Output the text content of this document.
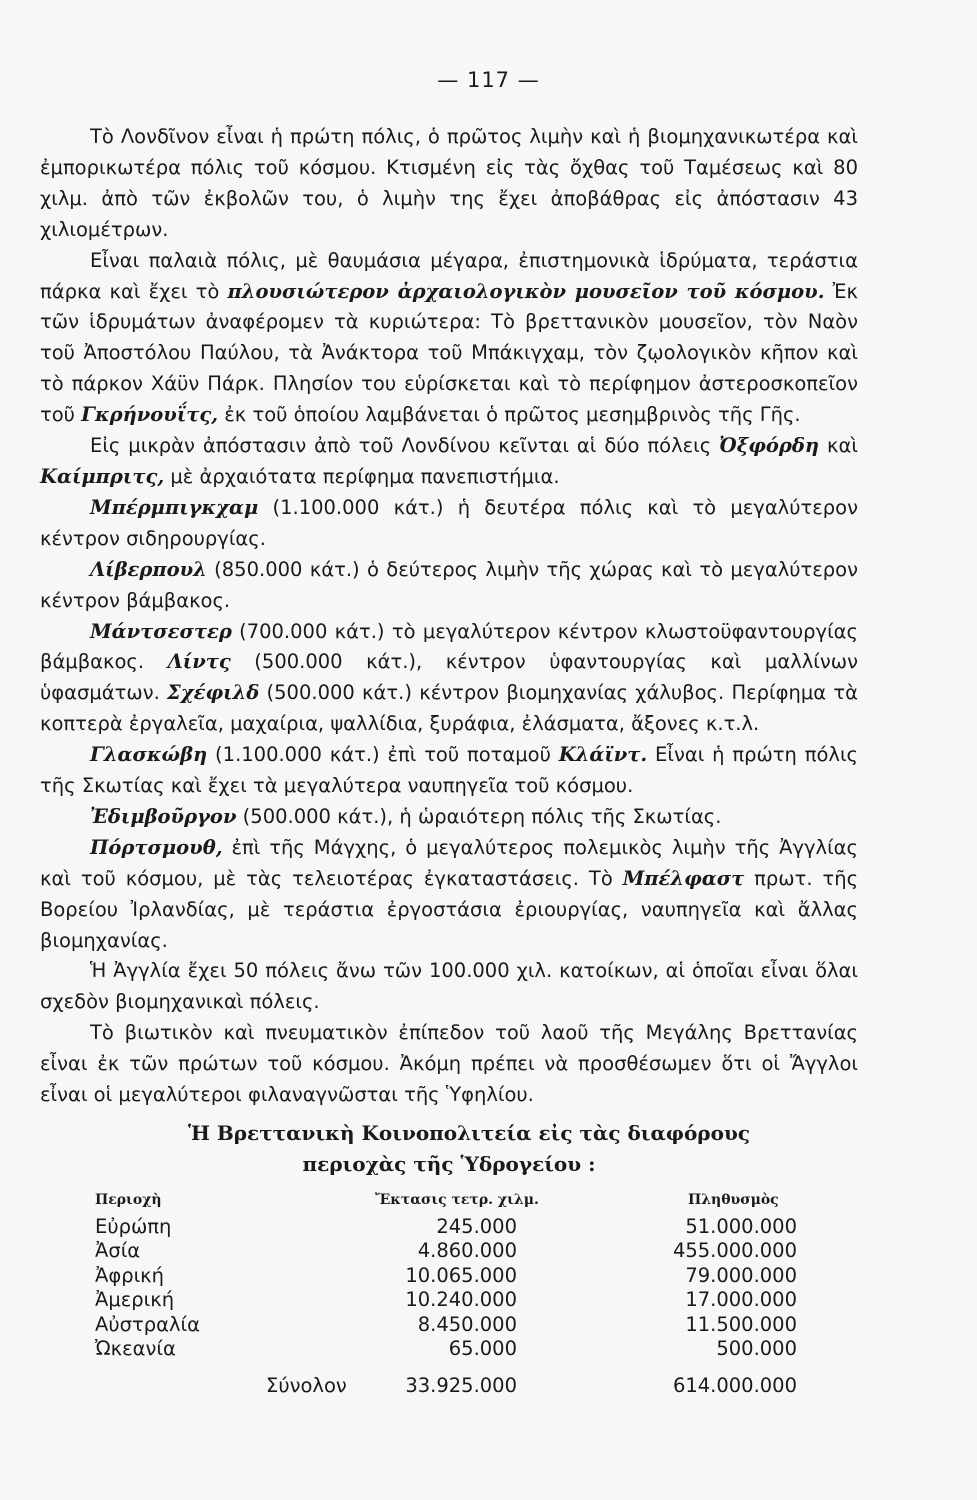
— 117 —

Τὸ Λονδῖνον εἶναι ἡ πρώτη πόλις, ὁ πρῶτος λιμὴν καὶ ἡ βιομηχανικωτέρα καὶ ἐμπορικωτέρα πόλις τοῦ κόσμου. Κτισμένη εἰς τὰς ὄχθας τοῦ Ταμέσεως καὶ 80 χιλμ. ἀπὸ τῶν ἐκβολῶν του, ὁ λιμὴν της ἔχει ἀποβάθρας εἰς ἀπόστασιν 43 χιλιομέτρων.

Εἶναι παλαιὰ πόλις, μὲ θαυμάσια μέγαρα, ἐπιστημονικὰ ἱδρύματα, τεράστια πάρκα καὶ ἔχει τὸ πλουσιώτερον ἀρχαιολογικὸν μουσεῖον τοῦ κόσμου. Ἐκ τῶν ἱδρυμάτων ἀναφέρομεν τὰ κυριώτερα: Τὸ βρεττανικὸν μουσεῖον, τὸν Ναὸν τοῦ Ἀποστόλου Παύλου, τὰ Ἀνάκτορα τοῦ Μπάκιγχαμ, τὸν ζῳολογικὸν κῆπον καὶ τὸ πάρκον Χάϋν Πάρκ. Πλησίον του εὑρίσκεται καὶ τὸ περίφημον ἀστεροσκοπεῖον τοῦ Γκρήνουΐτς, ἐκ τοῦ ὁποίου λαμβάνεται ὁ πρῶτος μεσημβρινὸς τῆς Γῆς.

Εἰς μικρὰν ἀπόστασιν ἀπὸ τοῦ Λονδίνου κεῖνται αἱ δύο πόλεις Ὀξφόρδη καὶ Καίμπριτς, μὲ ἀρχαιότατα περίφημα πανεπιστήμια.

Μπέρμπιγκχαμ (1.100.000 κάτ.) ἡ δευτέρα πόλις καὶ τὸ μεγαλύτερον κέντρον σιδηρουργίας.

Λίβερπουλ (850.000 κάτ.) ὁ δεύτερος λιμὴν τῆς χώρας καὶ τὸ μεγαλύτερον κέντρον βάμβακος.

Μάντσεστερ (700.000 κάτ.) τὸ μεγαλύτερον κέντρον κλωστοϋφαντουργίας βάμβακος. Λίντς (500.000 κάτ.), κέντρον ὑφαντουργίας καὶ μαλλίνων ὑφασμάτων. Σχέφιλδ (500.000 κάτ.) κέντρον βιομηχανίας χάλυβος. Περίφημα τὰ κοπτερὰ ἐργαλεῖα, μαχαίρια, ψαλλίδια, ξυράφια, ἐλάσματα, ἄξονες κ.τ.λ.

Γλασκώβη (1.100.000 κάτ.) ἐπὶ τοῦ ποταμοῦ Κλάϊντ. Εἶναι ἡ πρώτη πόλις τῆς Σκωτίας καὶ ἔχει τὰ μεγαλύτερα ναυπηγεῖα τοῦ κόσμου.

Ἐδιμβοῦργον (500.000 κάτ.), ἡ ὡραιότερη πόλις τῆς Σκωτίας.

Πόρτσμουθ, ἐπὶ τῆς Μάγχης, ὁ μεγαλύτερος πολεμικὸς λιμὴν τῆς Ἀγγλίας καὶ τοῦ κόσμου, μὲ τὰς τελειοτέρας ἐγκαταστάσεις. Τὸ Μπέλφαστ πρωτ. τῆς Βορείου Ἰρλανδίας, μὲ τεράστια ἐργοστάσια ἐριουργίας, ναυπηγεῖα καὶ ἄλλας βιομηχανίας.

Ἡ Ἀγγλία ἔχει 50 πόλεις ἄνω τῶν 100.000 χιλ. κατοίκων, αἱ ὁποῖαι εἶναι ὅλαι σχεδὸν βιομηχανικαὶ πόλεις.

Τὸ βιωτικὸν καὶ πνευματικὸν ἐπίπεδον τοῦ λαοῦ τῆς Μεγάλης Βρεττανίας εἶναι ἐκ τῶν πρώτων τοῦ κόσμου. Ἀκόμη πρέπει νὰ προσθέσωμεν ὅτι οἱ Ἄγγλοι εἶναι οἱ μεγαλύτεροι φιλαναγνῶσται τῆς Ὑφηλίου.

Ἡ Βρεττανικὴ Κοινοπολιτεία εἰς τὰς διαφόρους
περιοχὰς τῆς Ὑδρογείου :
Περιοχὴ	Ἔκτασις τετρ. χιλμ.	Πληθυσμὸς
Εὐρώπη	245.000	51.000.000
Ἀσία	4.860.000	455.000.000
Ἀφρική	10.065.000	79.000.000
Ἀμερική	10.240.000	17.000.000
Αὐστραλία	8.450.000	11.500.000
Ὠκεανία	65.000	500.000
Σύνολον	33.925.000	614.000.000
